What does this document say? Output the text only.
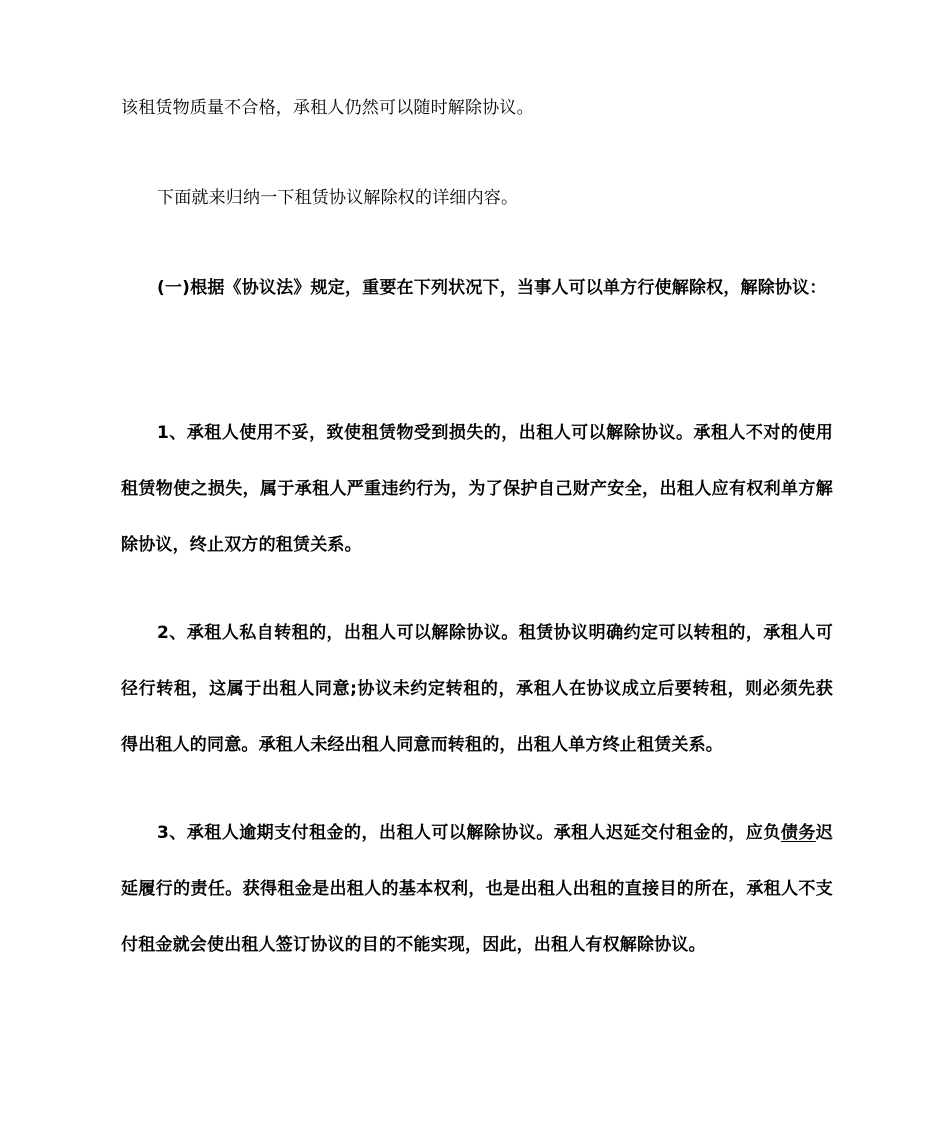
该租赁物质量不合格，承租人仍然可以随时解除协议。

下面就来归纳一下租赁协议解除权的详细内容。

(一)根据《协议法》规定，重要在下列状况下，当事人可以单方行使解除权，解除协议：

1、承租人使用不妥，致使租赁物受到损失的，出租人可以解除协议。承租人不对的使用租赁物使之损失，属于承租人严重违约行为，为了保护自己财产安全，出租人应有权利单方解除协议，终止双方的租赁关系。

2、承租人私自转租的，出租人可以解除协议。租赁协议明确约定可以转租的，承租人可径行转租，这属于出租人同意;协议未约定转租的，承租人在协议成立后要转租，则必须先获得出租人的同意。承租人未经出租人同意而转租的，出租人单方终止租赁关系。

3、承租人逾期支付租金的，出租人可以解除协议。承租人迟延交付租金的，应负债务迟延履行的责任。获得租金是出租人的基本权利，也是出租人出租的直接目的所在，承租人不支付租金就会使出租人签订协议的目的不能实现，因此，出租人有权解除协议。
